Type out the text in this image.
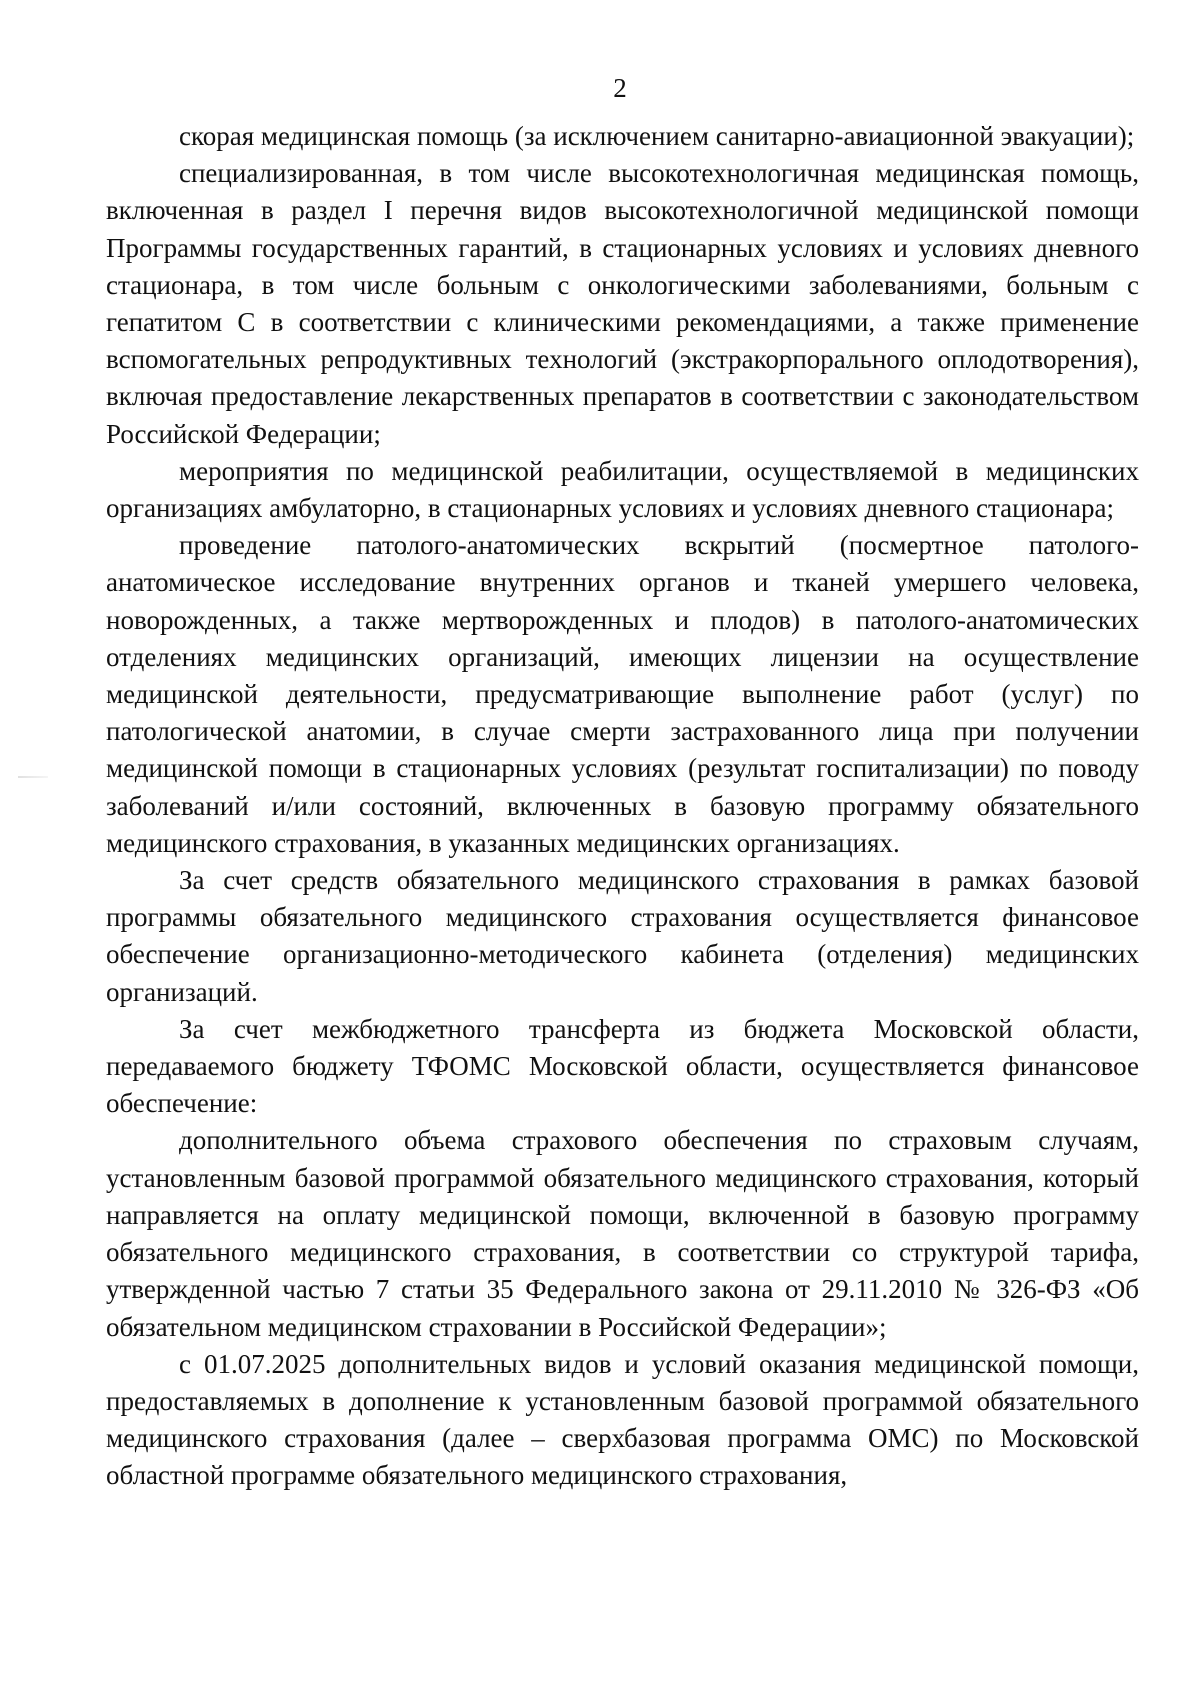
2

скорая медицинская помощь (за исключением санитарно-авиационной эвакуации);

специализированная, в том числе высокотехнологичная медицинская помощь, включенная в раздел I перечня видов высокотехнологичной медицинской помощи Программы государственных гарантий, в стационарных условиях и условиях дневного стационара, в том числе больным с онкологическими заболеваниями, больным с гепатитом C в соответствии с клиническими рекомендациями, а также применение вспомогательных репродуктивных технологий (экстракорпорального оплодотворения), включая предоставление лекарственных препаратов в соответствии с законодательством Российской Федерации;

мероприятия по медицинской реабилитации, осуществляемой в медицинских организациях амбулаторно, в стационарных условиях и условиях дневного стационара;

проведение патолого-анатомических вскрытий (посмертное патолого-анатомическое исследование внутренних органов и тканей умершего человека, новорожденных, а также мертворожденных и плодов) в патолого-анатомических отделениях медицинских организаций, имеющих лицензии на осуществление медицинской деятельности, предусматривающие выполнение работ (услуг) по патологической анатомии, в случае смерти застрахованного лица при получении медицинской помощи в стационарных условиях (результат госпитализации) по поводу заболеваний и/или состояний, включенных в базовую программу обязательного медицинского страхования, в указанных медицинских организациях.

За счет средств обязательного медицинского страхования в рамках базовой программы обязательного медицинского страхования осуществляется финансовое обеспечение организационно-методического кабинета (отделения) медицинских организаций.

За счет межбюджетного трансферта из бюджета Московской области, передаваемого бюджету ТФОМС Московской области, осуществляется финансовое обеспечение:

дополнительного объема страхового обеспечения по страховым случаям, установленным базовой программой обязательного медицинского страхования, который направляется на оплату медицинской помощи, включенной в базовую программу обязательного медицинского страхования, в соответствии со структурой тарифа, утвержденной частью 7 статьи 35 Федерального закона от 29.11.2010 № 326-ФЗ «Об обязательном медицинском страховании в Российской Федерации»;

с 01.07.2025 дополнительных видов и условий оказания медицинской помощи, предоставляемых в дополнение к установленным базовой программой обязательного медицинского страхования (далее – сверхбазовая программа ОМС) по Московской областной программе обязательного медицинского страхования,
